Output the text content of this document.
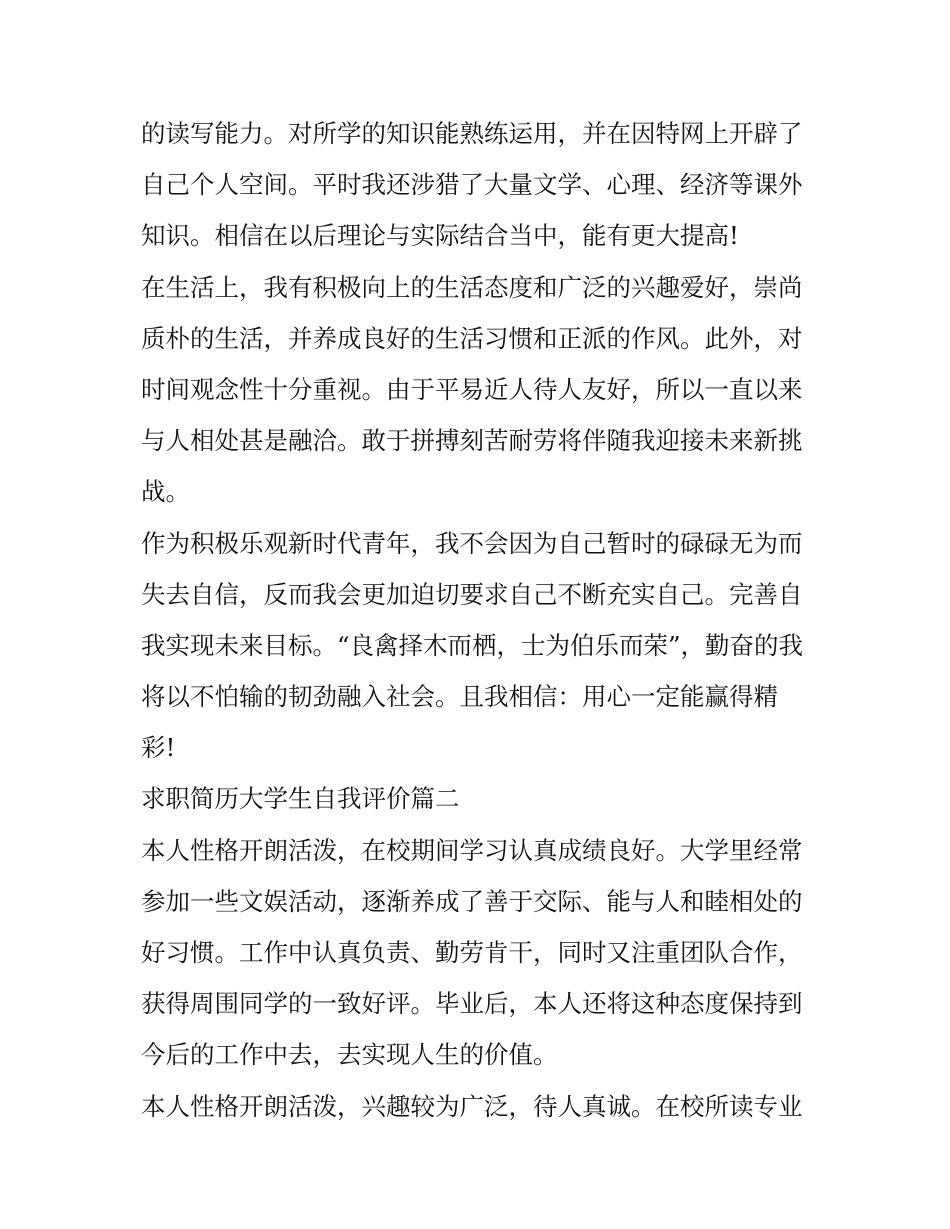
的读写能力。对所学的知识能熟练运用，并在因特网上开辟了
自己个人空间。平时我还涉猎了大量文学、心理、经济等课外
知识。相信在以后理论与实际结合当中，能有更大提高!
在生活上，我有积极向上的生活态度和广泛的兴趣爱好，崇尚
质朴的生活，并养成良好的生活习惯和正派的作风。此外，对
时间观念性十分重视。由于平易近人待人友好，所以一直以来
与人相处甚是融洽。敢于拼搏刻苦耐劳将伴随我迎接未来新挑
战。
作为积极乐观新时代青年，我不会因为自己暂时的碌碌无为而
失去自信，反而我会更加迫切要求自己不断充实自己。完善自
我实现未来目标。“良禽择木而栖，士为伯乐而荣”，勤奋的我
将以不怕输的韧劲融入社会。且我相信：用心一定能赢得精
彩!
求职简历大学生自我评价篇二
本人性格开朗活泼，在校期间学习认真成绩良好。大学里经常
参加一些文娱活动，逐渐养成了善于交际、能与人和睦相处的
好习惯。工作中认真负责、勤劳肯干，同时又注重团队合作，
获得周围同学的一致好评。毕业后，本人还将这种态度保持到
今后的工作中去，去实现人生的价值。
本人性格开朗活泼，兴趣较为广泛，待人真诚。在校所读专业
